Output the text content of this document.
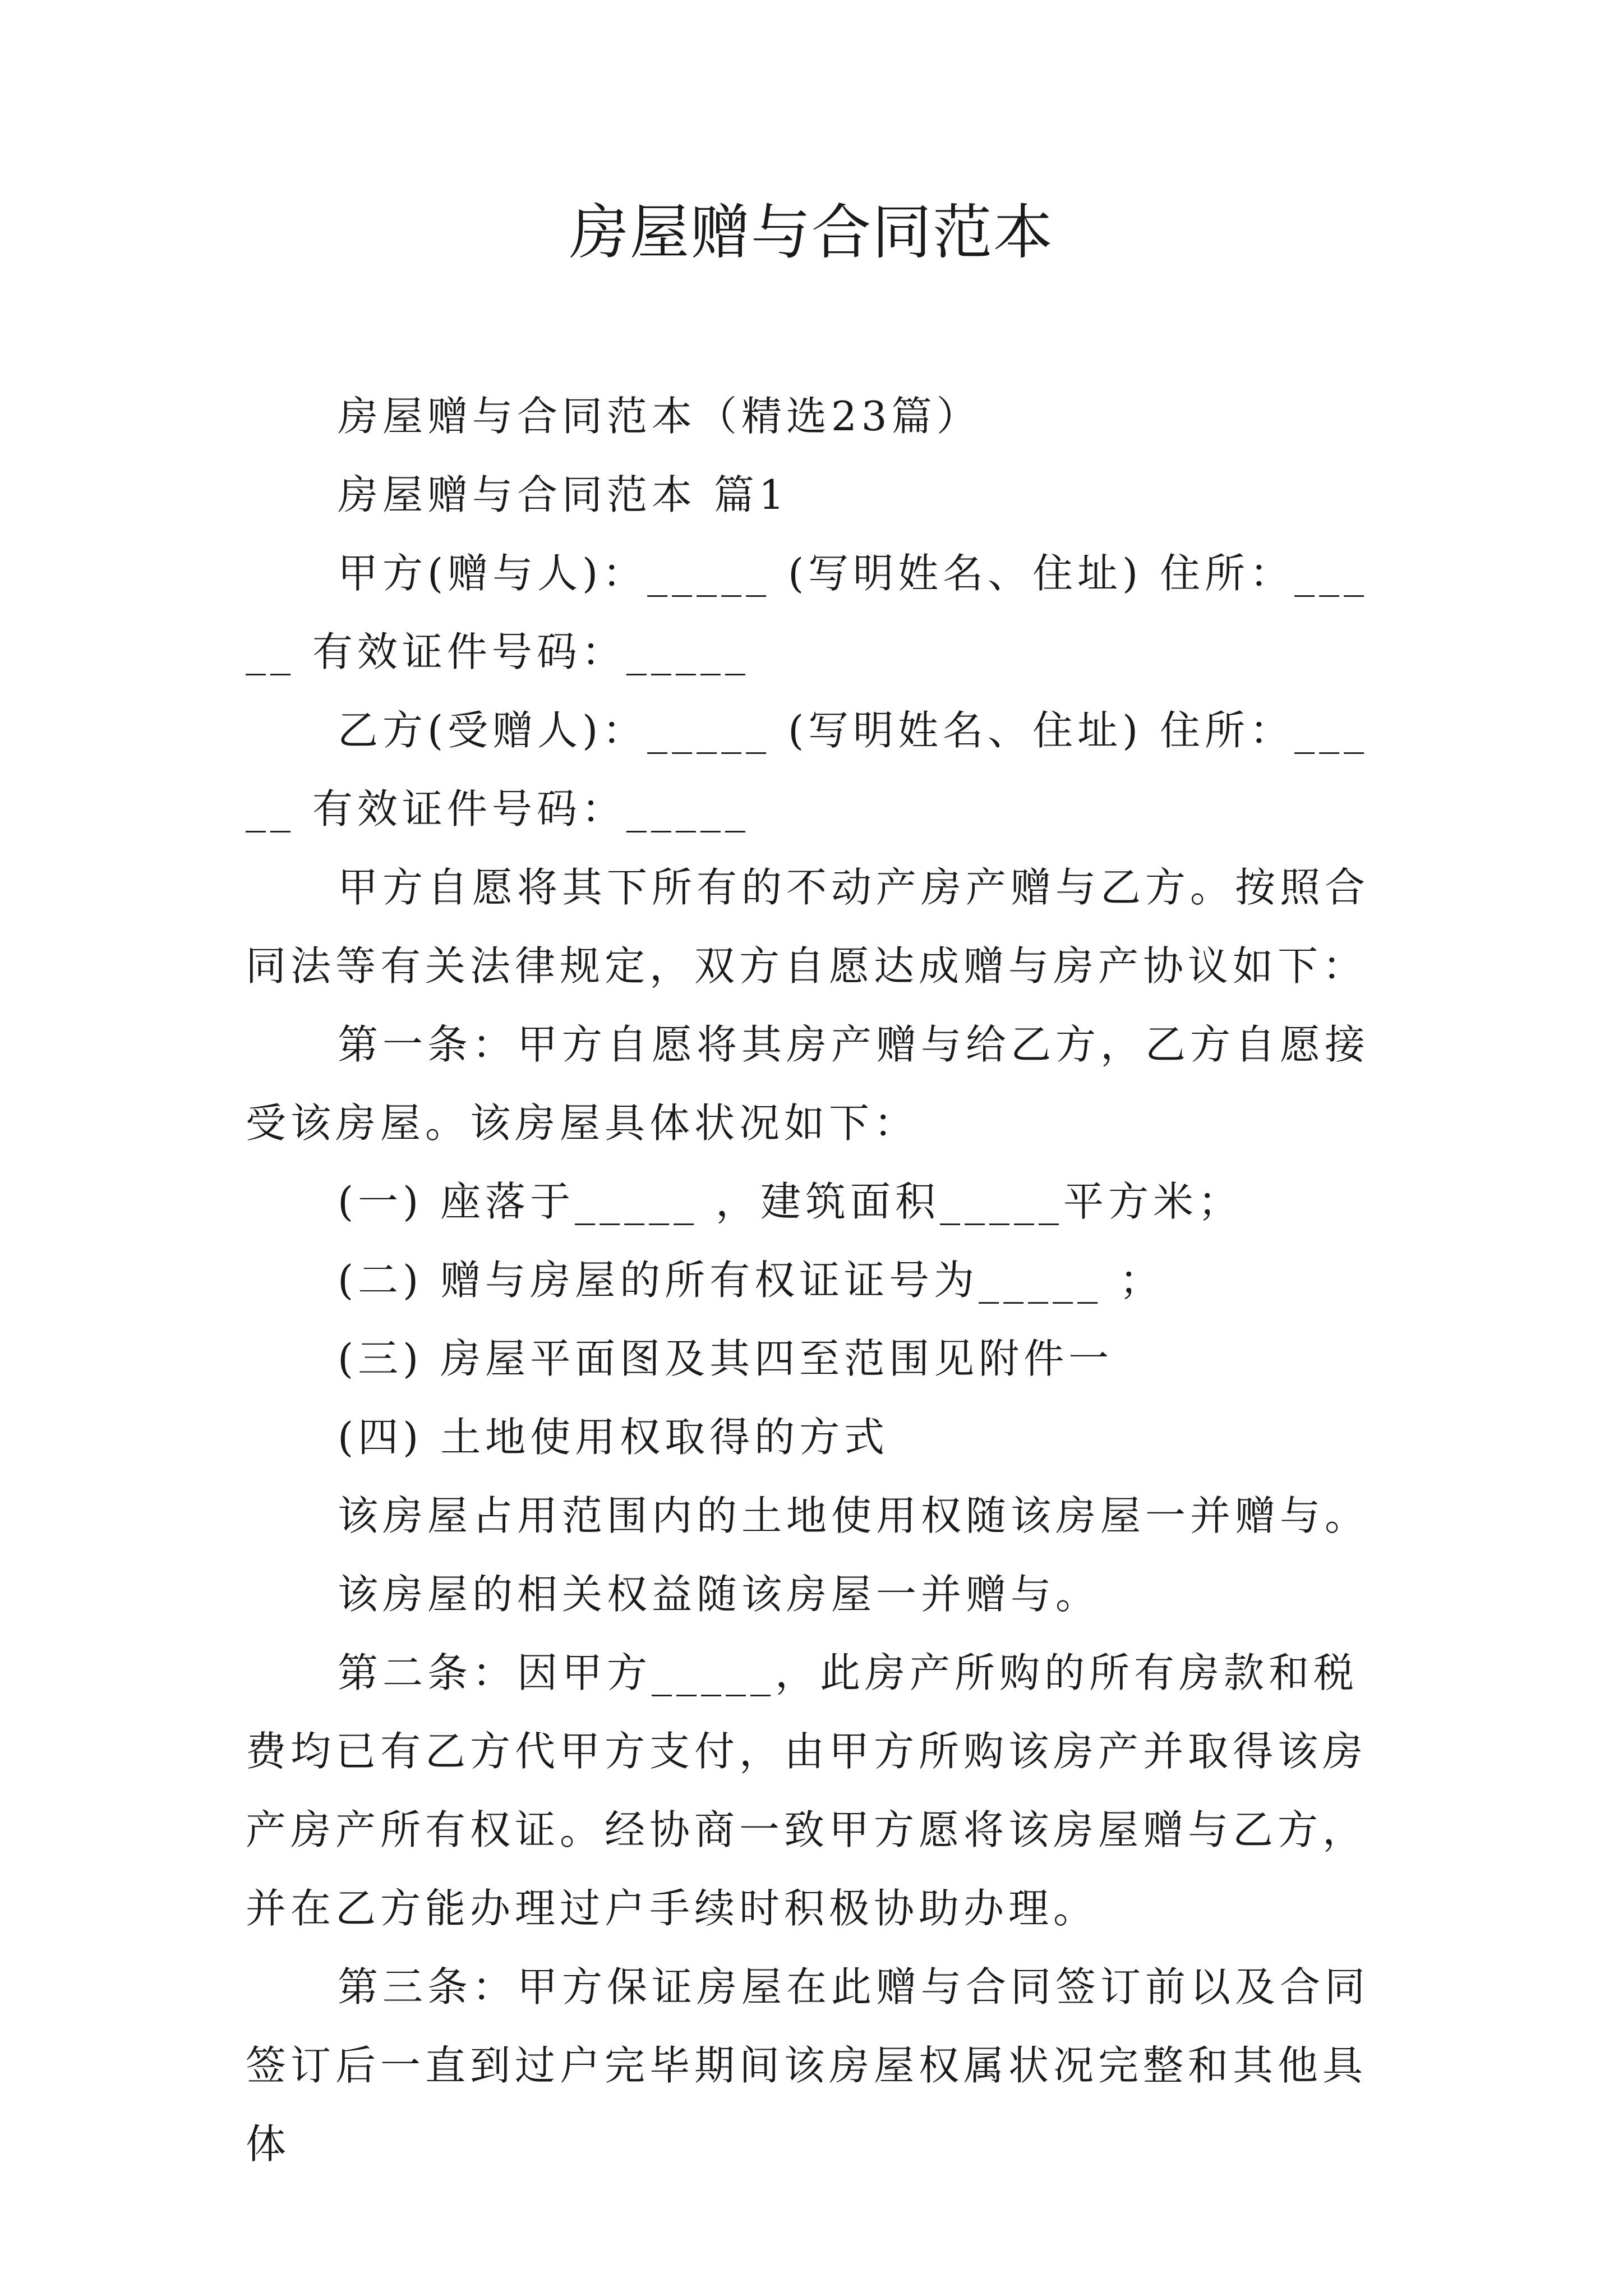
房屋赠与合同范本

房屋赠与合同范本（精选23篇）

房屋赠与合同范本 篇1

甲方(赠与人)：_____ (写明姓名、住址) 住所：_____ 有效证件号码：_____

乙方(受赠人)：_____ (写明姓名、住址) 住所：_____ 有效证件号码：_____

甲方自愿将其下所有的不动产房产赠与乙方。按照合同法等有关法律规定，双方自愿达成赠与房产协议如下：

第一条：甲方自愿将其房产赠与给乙方，乙方自愿接受该房屋。该房屋具体状况如下：

(一) 座落于_____ ，建筑面积_____平方米；

(二) 赠与房屋的所有权证证号为_____ ；

(三) 房屋平面图及其四至范围见附件一

(四) 土地使用权取得的方式

该房屋占用范围内的土地使用权随该房屋一并赠与。

该房屋的相关权益随该房屋一并赠与。

第二条：因甲方_____，此房产所购的所有房款和税费均已有乙方代甲方支付，由甲方所购该房产并取得该房产房产所有权证。经协商一致甲方愿将该房屋赠与乙方，并在乙方能办理过户手续时积极协助办理。

第三条：甲方保证房屋在此赠与合同签订前以及合同签订后一直到过户完毕期间该房屋权属状况完整和其他具体
